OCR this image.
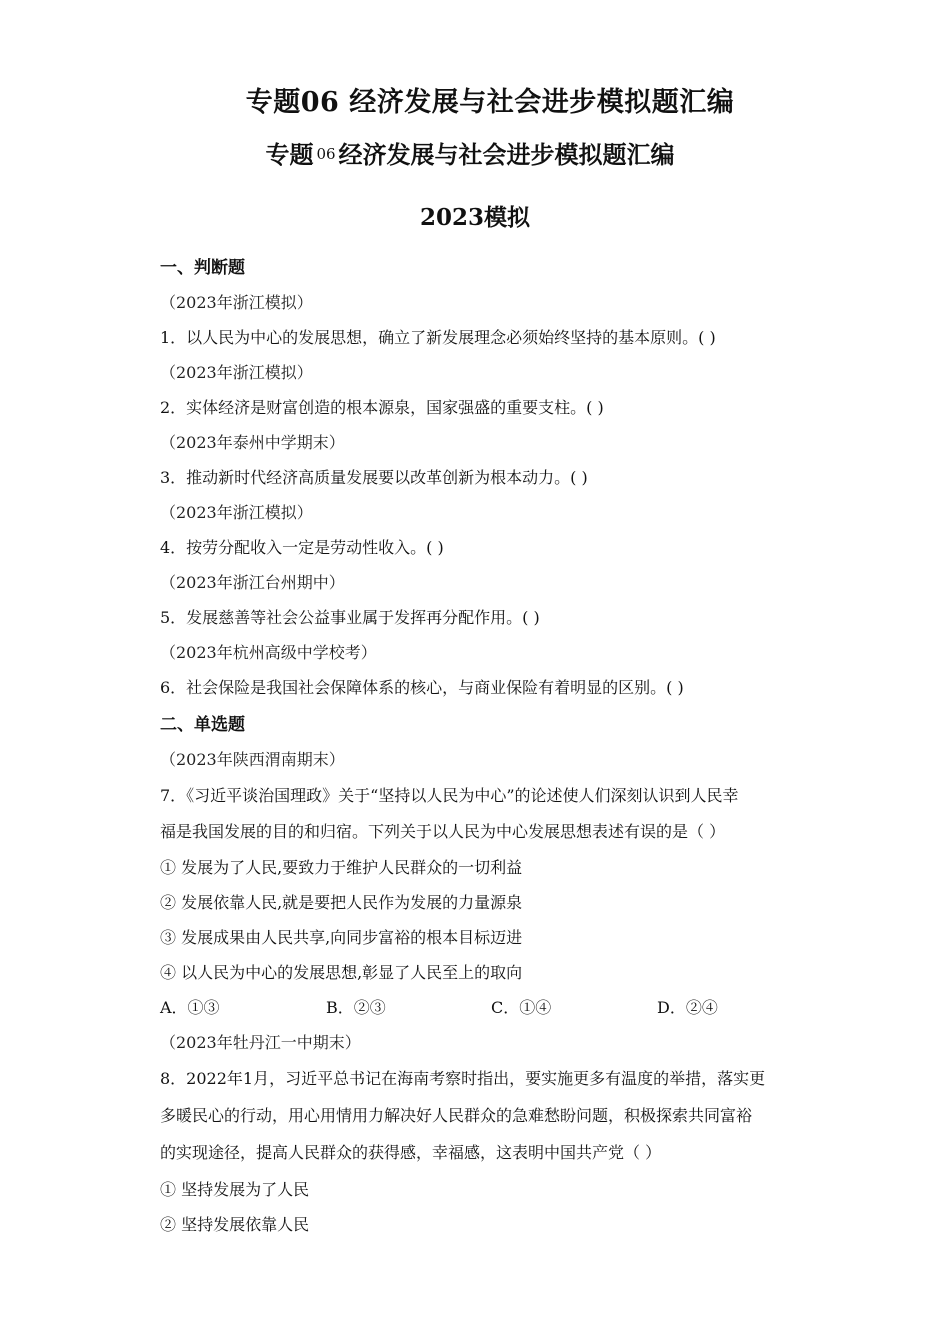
专题06 经济发展与社会进步模拟题汇编
专题 06 经济发展与社会进步模拟题汇编
2023模拟
一、判断题
（2023年浙江模拟）
1．以人民为中心的发展思想，确立了新发展理念必须始终坚持的基本原则。( )
（2023年浙江模拟）
2．实体经济是财富创造的根本源泉，国家强盛的重要支柱。( )
（2023年泰州中学期末）
3．推动新时代经济高质量发展要以改革创新为根本动力。( )
（2023年浙江模拟）
4．按劳分配收入一定是劳动性收入。( )
（2023年浙江台州期中）
5．发展慈善等社会公益事业属于发挥再分配作用。( )
（2023年杭州高级中学校考）
6．社会保险是我国社会保障体系的核心，与商业保险有着明显的区别。( )
二、单选题
（2023年陕西渭南期末）
7．《习近平谈治国理政》关于“坚持以人民为中心”的论述使人们深刻认识到人民幸
福是我国发展的目的和归宿。下列关于以人民为中心发展思想表述有误的是（ ）
① 发展为了人民,要致力于维护人民群众的一切利益
② 发展依靠人民,就是要把人民作为发展的力量源泉
③ 发展成果由人民共享,向同步富裕的根本目标迈进
④ 以人民为中心的发展思想,彰显了人民至上的取向
A．①③	B．②③	C．①④	D．②④
（2023年牡丹江一中期末）
8．2022年1月，习近平总书记在海南考察时指出，要实施更多有温度的举措，落实更
多暖民心的行动，用心用情用力解决好人民群众的急难愁盼问题，积极探索共同富裕
的实现途径，提高人民群众的获得感，幸福感，这表明中国共产党（ ）
① 坚持发展为了人民
② 坚持发展依靠人民
